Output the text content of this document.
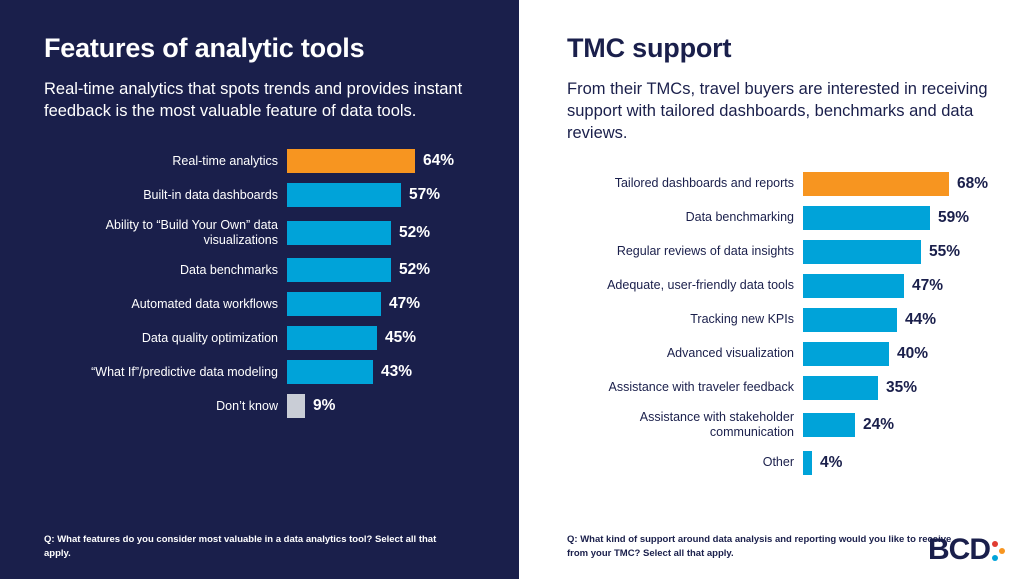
Features of analytic tools

Real-time analytics that spots trends and provides instant feedback is the most valuable feature of data tools.

Real-time analytics	64%
Built-in data dashboards	57%
Ability to “Build Your Own” data visualizations	52%
Data benchmarks	52%
Automated data workflows	47%
Data quality optimization	45%
“What If”/predictive data modeling	43%
Don’t know	9%
Q: What features do you consider most valuable in a data analytics tool? Select all that apply.
TMC support

From their TMCs, travel buyers are interested in receiving support with tailored dashboards, benchmarks and data reviews.

Tailored dashboards and reports	68%
Data benchmarking	59%
Regular reviews of data insights	55%
Adequate, user-friendly data tools	47%
Tracking new KPIs	44%
Advanced visualization	40%
Assistance with traveler feedback	35%
Assistance with stakeholder communication	24%
Other	4%
Q: What kind of support around data analysis and reporting would you like to receive from your TMC? Select all that apply.	BCD
